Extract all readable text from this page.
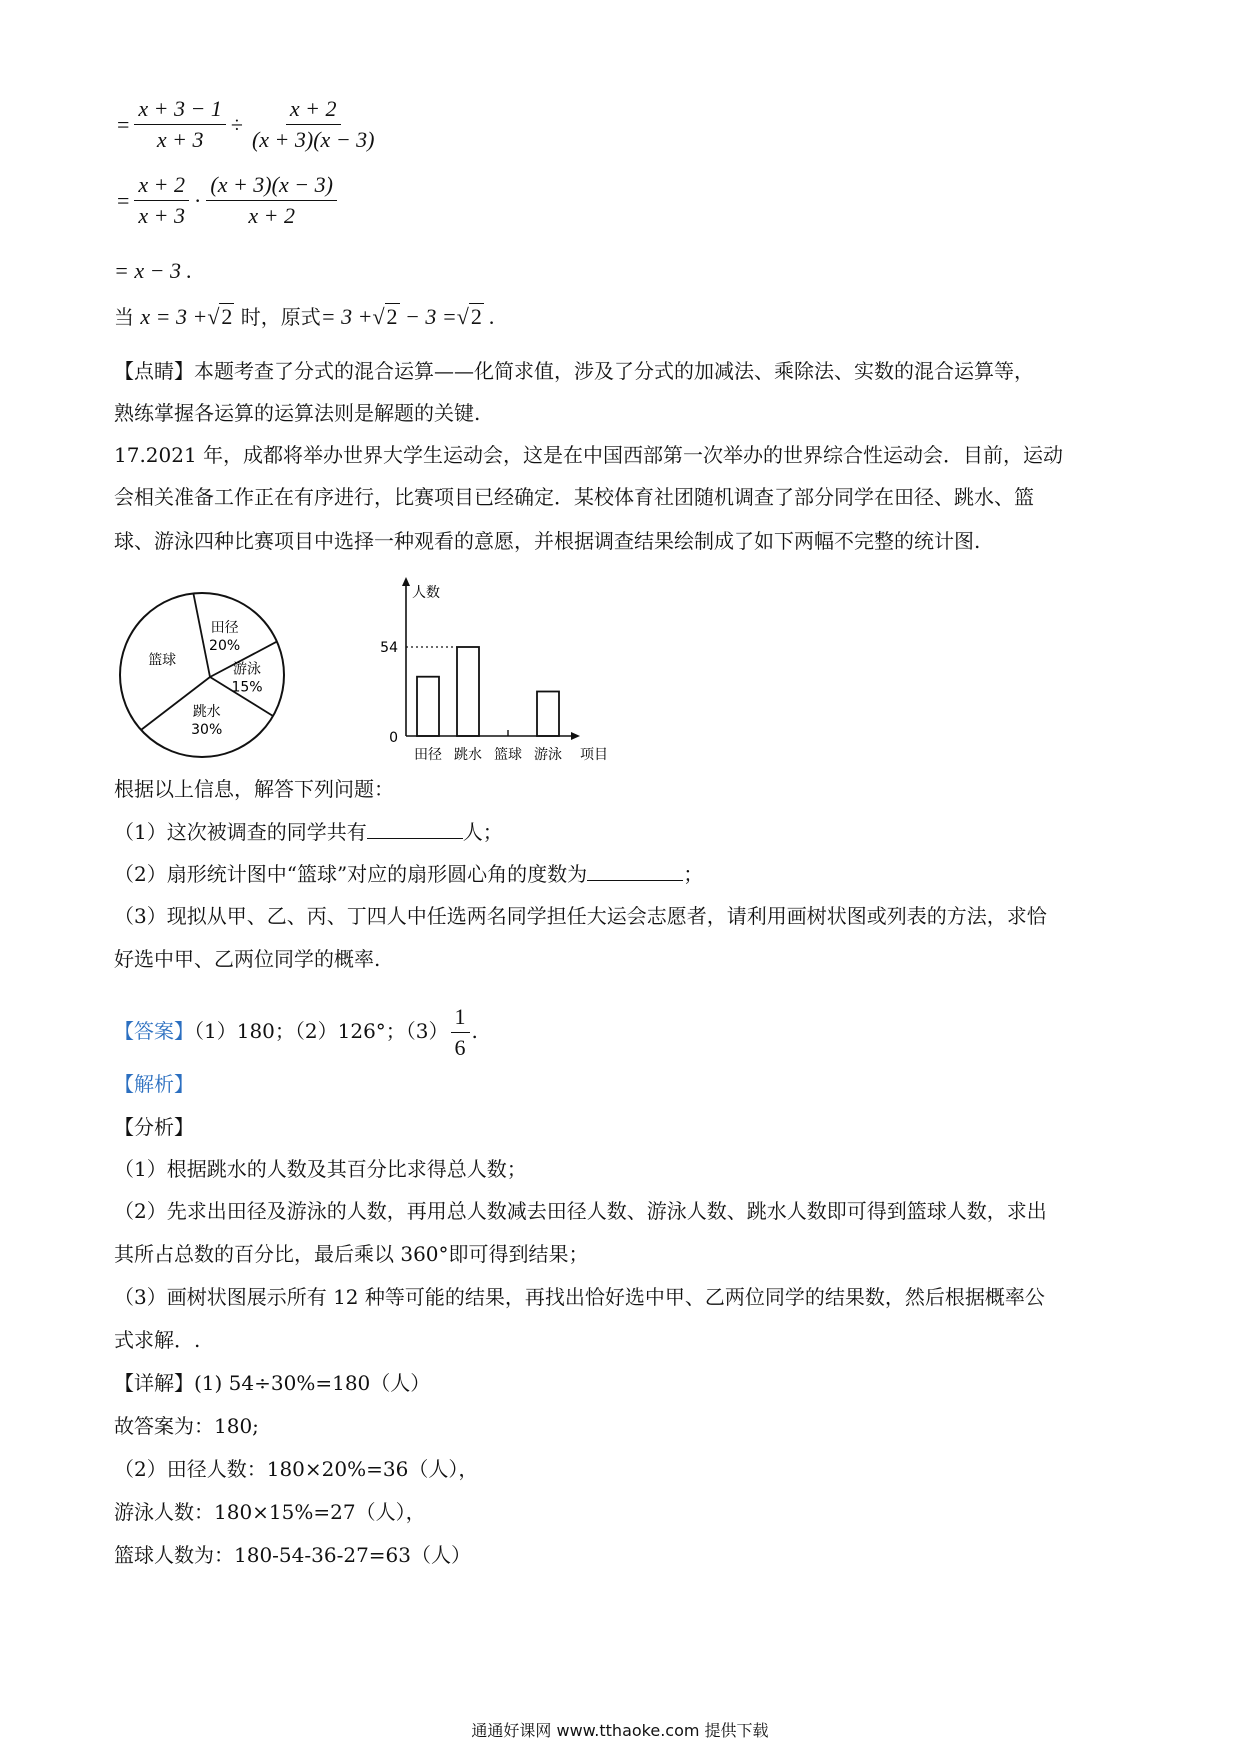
= $\frac{x + 3 - 1}{x + 3} \div \frac{x + 2}{(x + 3)(x - 3)}$
= $\frac{x + 2}{x + 3} \cdot \frac{(x + 3)(x - 3)}{x + 2}$
= x − 3 .
当 x = 3 +√2 时，原式= 3 +√2 − 3 =√2 .
【点睛】本题考查了分式的混合运算——化简求值，涉及了分式的加减法、乘除法、实数的混合运算等，
熟练掌握各运算的运算法则是解题的关键.
17.2021 年，成都将举办世界大学生运动会，这是在中国西部第一次举办的世界综合性运动会．目前，运动
会相关准备工作正在有序进行，比赛项目已经确定．某校体育社团随机调查了部分同学在田径、跳水、篮
球、游泳四种比赛项目中选择一种观看的意愿，并根据调查结果绘制成了如下两幅不完整的统计图.
田径
20%
游泳
15%
跳水
30%
篮球
人数
项目
54
0
田径 跳水 篮球 游泳
根据以上信息，解答下列问题：
（1）这次被调查的同学共有	人；
（2）扇形统计图中“篮球”对应的扇形圆心角的度数为	；
（3）现拟从甲、乙、丙、丁四人中任选两名同学担任大运会志愿者，请利用画树状图或列表的方法，求恰
好选中甲、乙两位同学的概率.
【答案】（1）180；（2）126°；$(3) \frac{1}{6}$ .
【解析】
【分析】
（1）根据跳水的人数及其百分比求得总人数；
（2）先求出田径及游泳的人数，再用总人数减去田径人数、游泳人数、跳水人数即可得到篮球人数，求出
其所占总数的百分比，最后乘以 360°即可得到结果；
（3）画树状图展示所有 12 种等可能的结果，再找出恰好选中甲、乙两位同学的结果数，然后根据概率公
式求解．.
【详解】(1) 54÷30%=180（人）
故答案为：180;
（2）田径人数：180×20%=36（人），
游泳人数：180×15%=27（人），
篮球人数为：180-54-36-27=63（人）
通通好课网 www.tthaoke.com 提供下载
